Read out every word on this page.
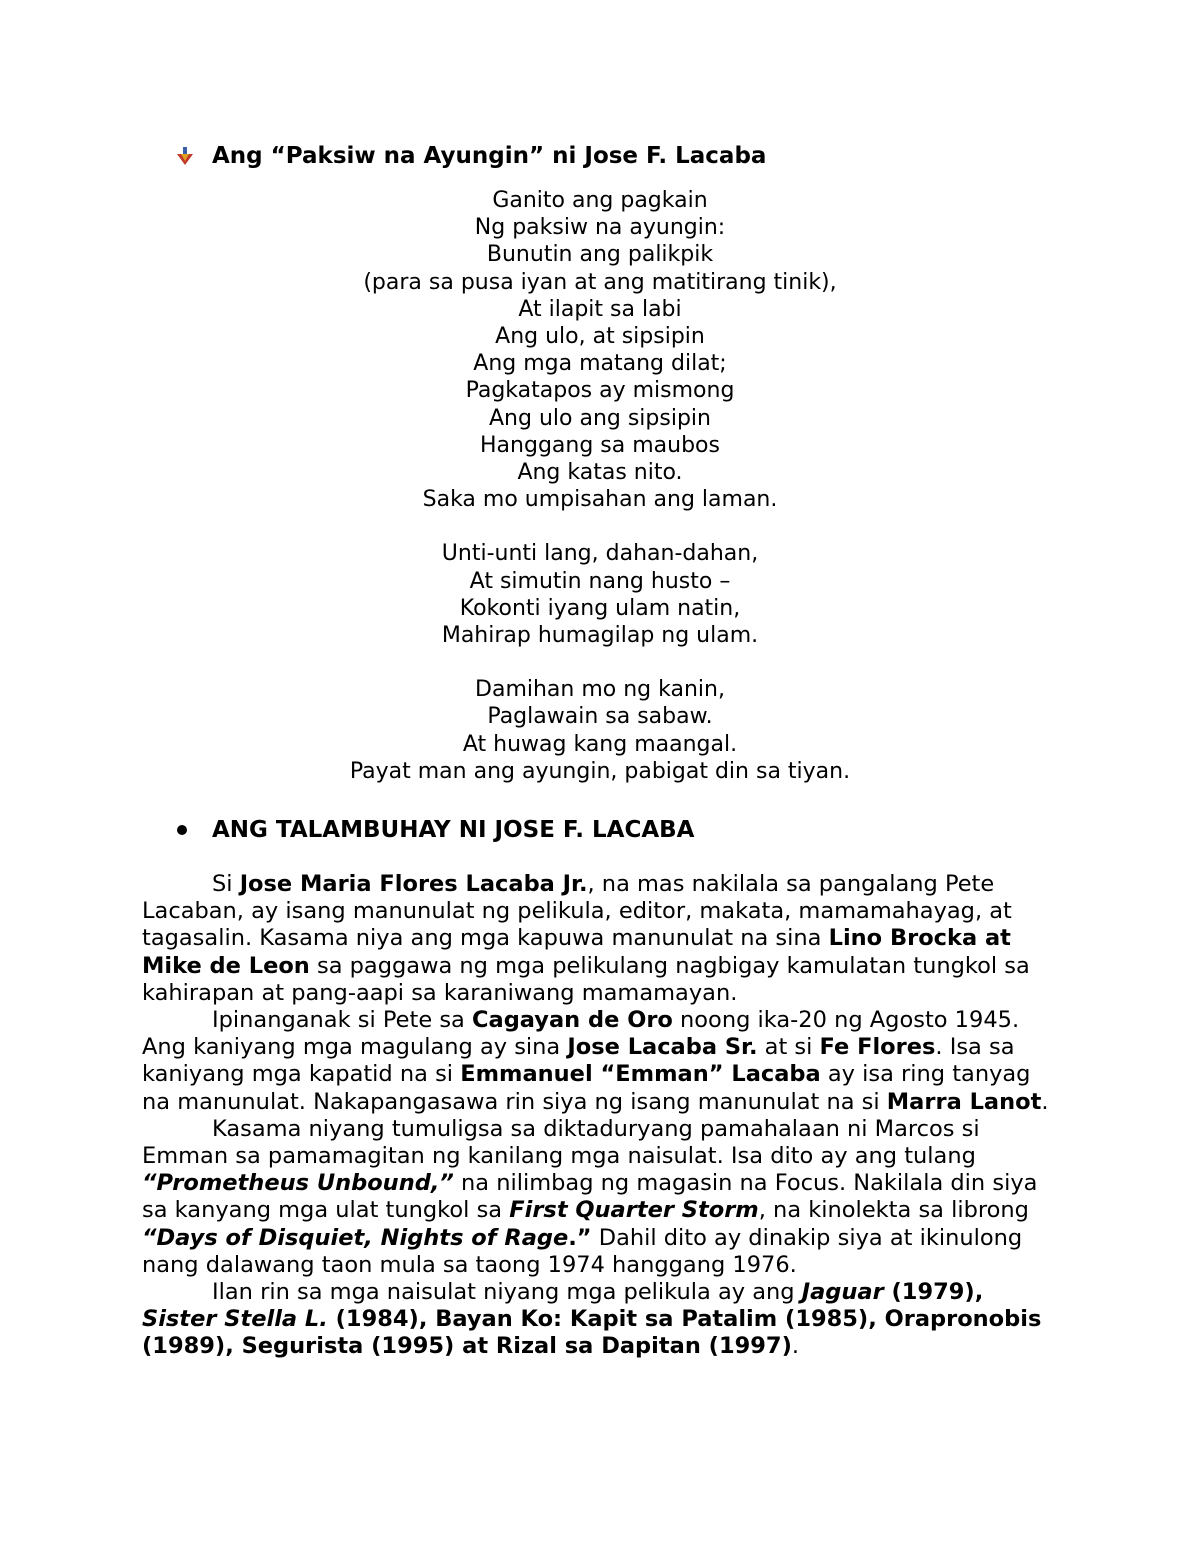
Ang “Paksiw na Ayungin” ni Jose F. Lacaba
Ganito ang pagkain
Ng paksiw na ayungin:
Bunutin ang palikpik
(para sa pusa iyan at ang matitirang tinik),
At ilapit sa labi
Ang ulo, at sipsipin
Ang mga matang dilat;
Pagkatapos ay mismong
Ang ulo ang sipsipin
Hanggang sa maubos
Ang katas nito.
Saka mo umpisahan ang laman.
Unti-unti lang, dahan-dahan,
At simutin nang husto –
Kokonti iyang ulam natin,
Mahirap humagilap ng ulam.
Damihan mo ng kanin,
Paglawain sa sabaw.
At huwag kang maangal.
Payat man ang ayungin, pabigat din sa tiyan.
ANG TALAMBUHAY NI JOSE F. LACABA

Si Jose Maria Flores Lacaba Jr., na mas nakilala sa pangalang Pete Lacaban, ay isang manunulat ng pelikula, editor, makata, mamamahayag, at tagasalin. Kasama niya ang mga kapuwa manunulat na sina Lino Brocka at Mike de Leon sa paggawa ng mga pelikulang nagbigay kamulatan tungkol sa kahirapan at pang-aapi sa karaniwang mamamayan.

Ipinanganak si Pete sa Cagayan de Oro noong ika-20 ng Agosto 1945. Ang kaniyang mga magulang ay sina Jose Lacaba Sr. at si Fe Flores. Isa sa kaniyang mga kapatid na si Emmanuel “Emman” Lacaba ay isa ring tanyag na manunulat. Nakapangasawa rin siya ng isang manunulat na si Marra Lanot.

Kasama niyang tumuligsa sa diktaduryang pamahalaan ni Marcos si Emman sa pamamagitan ng kanilang mga naisulat. Isa dito ay ang tulang “Prometheus Unbound,” na nilimbag ng magasin na Focus. Nakilala din siya sa kanyang mga ulat tungkol sa First Quarter Storm, na kinolekta sa librong “Days of Disquiet, Nights of Rage.” Dahil dito ay dinakip siya at ikinulong nang dalawang taon mula sa taong 1974 hanggang 1976.

Ilan rin sa mga naisulat niyang mga pelikula ay ang Jaguar (1979), Sister Stella L. (1984), Bayan Ko: Kapit sa Patalim (1985), Orapronobis (1989), Segurista (1995) at Rizal sa Dapitan (1997).
